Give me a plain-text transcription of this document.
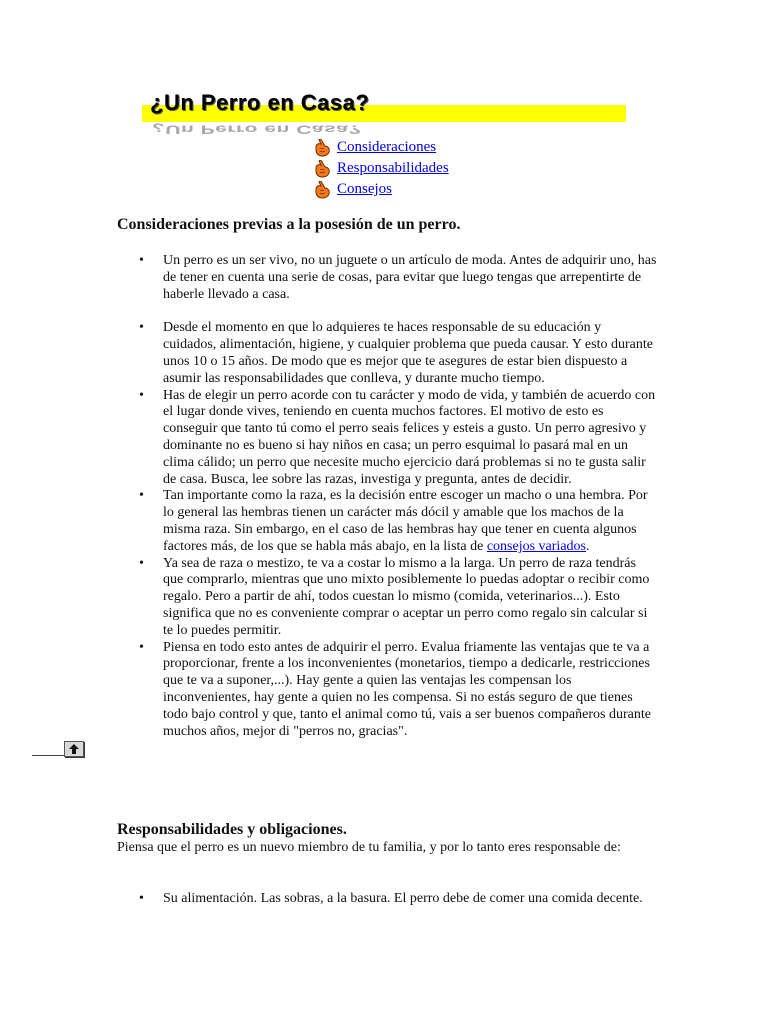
¿Un Perro en Casa?
¿Un Perro en Casa?
Consideraciones
Responsabilidades
Consejos
Consideraciones previas a la posesión de un perro.
• Un perro es un ser vivo, no un juguete o un artículo de moda. Antes de adquirir uno, has de tener en cuenta una serie de cosas, para evitar que luego tengas que arrepentirte de haberle llevado a casa.
• Desde el momento en que lo adquieres te haces responsable de su educación y cuidados, alimentación, higiene, y cualquier problema que pueda causar. Y esto durante unos 10 o 15 años. De modo que es mejor que te asegures de estar bien dispuesto a asumir las responsabilidades que conlleva, y durante mucho tiempo.
• Has de elegir un perro acorde con tu carácter y modo de vida, y también de acuerdo con el lugar donde vives, teniendo en cuenta muchos factores. El motivo de esto es conseguir que tanto tú como el perro seais felices y esteis a gusto. Un perro agresivo y dominante no es bueno si hay niños en casa; un perro esquimal lo pasará mal en un clima cálido; un perro que necesite mucho ejercicio dará problemas si no te gusta salir de casa. Busca, lee sobre las razas, investiga y pregunta, antes de decidir.
• Tan importante como la raza, es la decisión entre escoger un macho o una hembra. Por lo general las hembras tienen un carácter más dócil y amable que los machos de la misma raza. Sin embargo, en el caso de las hembras hay que tener en cuenta algunos factores más, de los que se habla más abajo, en la lista de consejos variados.
• Ya sea de raza o mestizo, te va a costar lo mismo a la larga. Un perro de raza tendrás que comprarlo, mientras que uno mixto posiblemente lo puedas adoptar o recibir como regalo. Pero a partir de ahí, todos cuestan lo mismo (comida, veterinarios...). Esto significa que no es conveniente comprar o aceptar un perro como regalo sin calcular si te lo puedes permitir.
• Piensa en todo esto antes de adquirir el perro. Evalua friamente las ventajas que te va a proporcionar, frente a los inconvenientes (monetarios, tiempo a dedicarle, restricciones que te va a suponer,...). Hay gente a quien las ventajas les compensan los inconvenientes, hay gente a quien no les compensa. Si no estás seguro de que tienes todo bajo control y que, tanto el animal como tú, vais a ser buenos compañeros durante muchos años, mejor di "perros no, gracias".
Responsabilidades y obligaciones.

Piensa que el perro es un nuevo miembro de tu familia, y por lo tanto eres responsable de:

• Su alimentación. Las sobras, a la basura. El perro debe de comer una comida decente.
